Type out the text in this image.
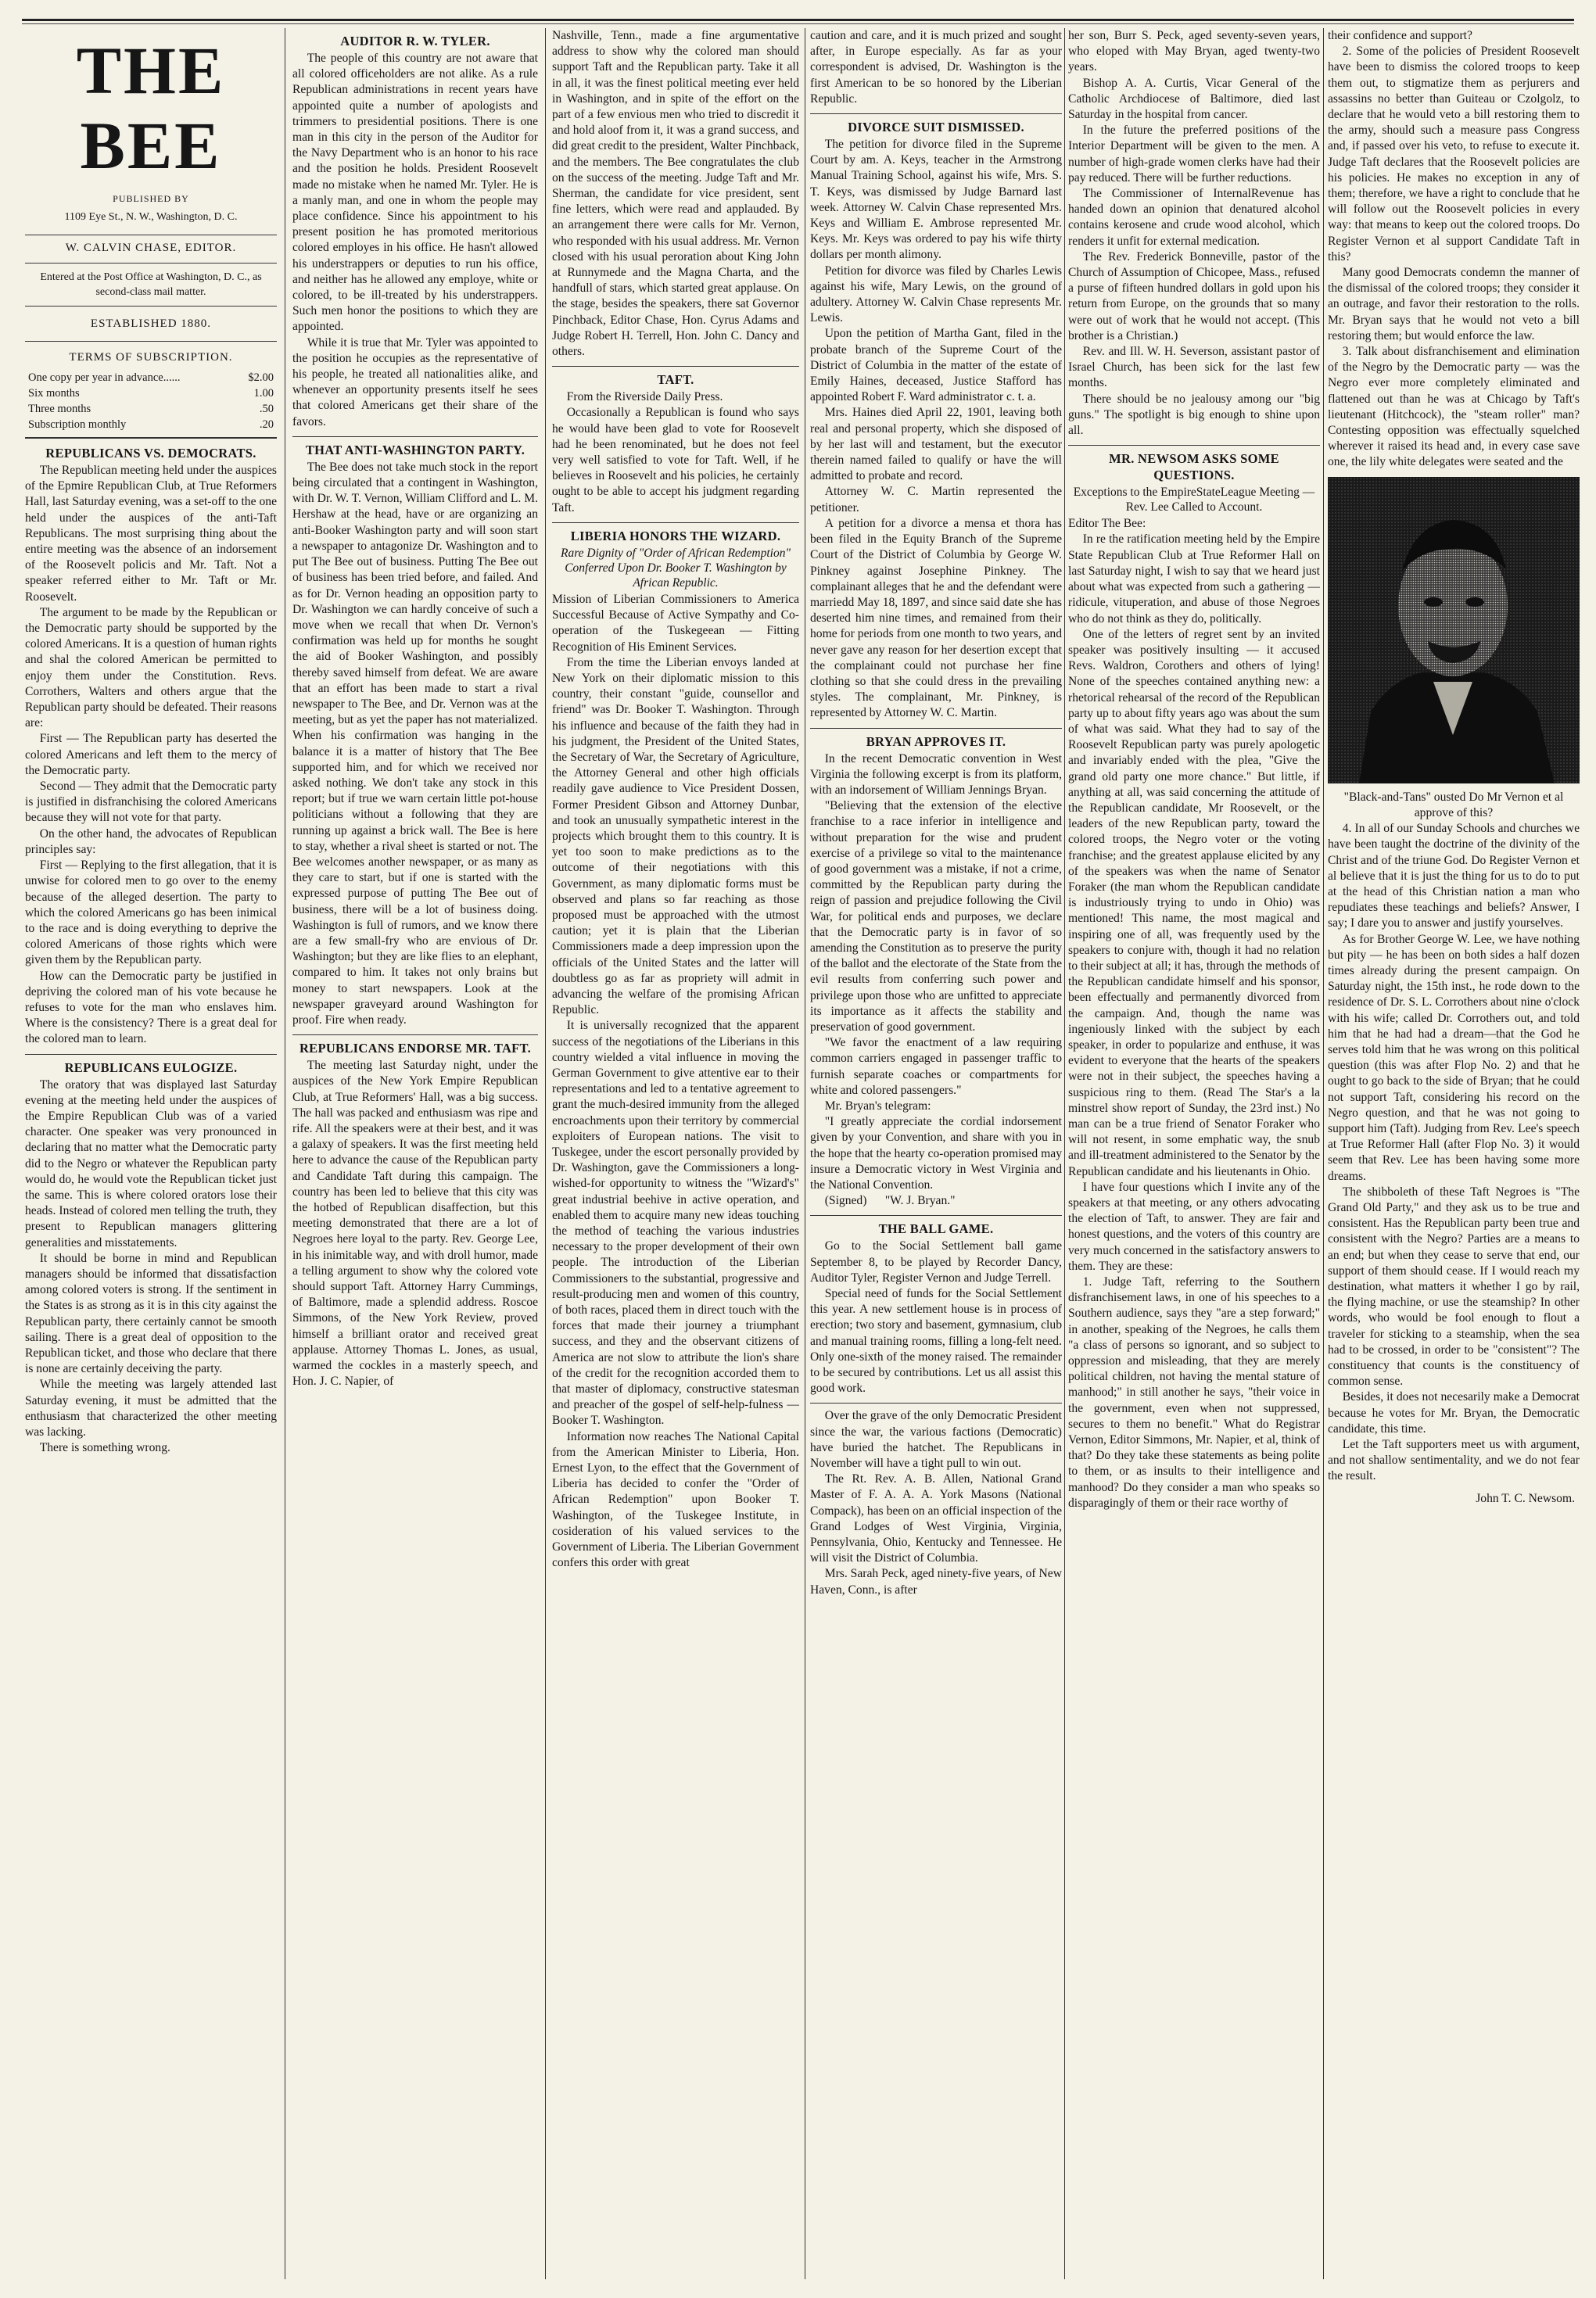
THE BEE
PUBLISHED BY
1109 Eye St., N. W., Washington, D. C.
W. CALVIN CHASE, EDITOR.
Entered at the Post Office at Washington, D. C., as second-class mail matter.
ESTABLISHED 1880.
TERMS OF SUBSCRIPTION.
One copy per year in advance......	$2.00
Six months	1.00
Three months	.50
Subscription monthly	.20
REPUBLICANS VS. DEMOCRATS.

The Republican meeting held under the auspices of the Epmire Republican Club, at True Reformers Hall, last Saturday evening, was a set-off to the one held under the auspices of the anti-Taft Republicans. The most surprising thing about the entire meeting was the absence of an indorsement of the Roosevelt policis and Mr. Taft. Not a speaker referred either to Mr. Taft or Mr. Roosevelt.

The argument to be made by the Republican or the Democratic party should be supported by the colored Americans. It is a question of human rights and shal the colored American be permitted to enjoy them under the Constitution. Revs. Corrothers, Walters and others argue that the Republican party should be defeated. Their reasons are:

First — The Republican party has deserted the colored Americans and left them to the mercy of the Democratic party.

Second — They admit that the Democratic party is justified in disfranchising the colored Americans because they will not vote for that party.

On the other hand, the advocates of Republican principles say:

First — Replying to the first allegation, that it is unwise for colored men to go over to the enemy because of the alleged desertion. The party to which the colored Americans go has been inimical to the race and is doing everything to deprive the colored Americans of those rights which were given them by the Republican party.

How can the Democratic party be justified in depriving the colored man of his vote because he refuses to vote for the man who enslaves him. Where is the consistency? There is a great deal for the colored man to learn.

REPUBLICANS EULOGIZE.

The oratory that was displayed last Saturday evening at the meeting held under the auspices of the Empire Republican Club was of a varied character. One speaker was very pronounced in declaring that no matter what the Democratic party did to the Negro or whatever the Republican party would do, he would vote the Republican ticket just the same. This is where colored orators lose their heads. Instead of colored men telling the truth, they present to Republican managers glittering generalities and misstatements.

It should be borne in mind and Republican managers should be informed that dissatisfaction among colored voters is strong. If the sentiment in the States is as strong as it is in this city against the Republican party, there certainly cannot be smooth sailing. There is a great deal of opposition to the Republican ticket, and those who declare that there is none are certainly deceiving the party.

While the meeting was largely attended last Saturday evening, it must be admitted that the enthusiasm that characterized the other meeting was lacking.

There is something wrong.

AUDITOR R. W. TYLER.

The people of this country are not aware that all colored officeholders are not alike. As a rule Republican administrations in recent years have appointed quite a number of apologists and trimmers to presidential positions. There is one man in this city in the person of the Auditor for the Navy Department who is an honor to his race and the position he holds. President Roosevelt made no mistake when he named Mr. Tyler. He is a manly man, and one in whom the people may place confidence. Since his appointment to his present position he has promoted meritorious colored employes in his office. He hasn't allowed his understrappers or deputies to run his office, and neither has he allowed any employe, white or colored, to be ill-treated by his understrappers. Such men honor the positions to which they are appointed.

While it is true that Mr. Tyler was appointed to the position he occupies as the representative of his people, he treated all nationalities alike, and whenever an opportunity presents itself he sees that colored Americans get their share of the favors.

THAT ANTI-WASHINGTON PARTY.

The Bee does not take much stock in the report being circulated that a contingent in Washington, with Dr. W. T. Vernon, William Clifford and L. M. Hershaw at the head, have or are organizing an anti-Booker Washington party and will soon start a newspaper to antagonize Dr. Washington and to put The Bee out of business. Putting The Bee out of business has been tried before, and failed. And as for Dr. Vernon heading an opposition party to Dr. Washington we can hardly conceive of such a move when we recall that when Dr. Vernon's confirmation was held up for months he sought the aid of Booker Washington, and possibly thereby saved himself from defeat. We are aware that an effort has been made to start a rival newspaper to The Bee, and Dr. Vernon was at the meeting, but as yet the paper has not materialized. When his confirmation was hanging in the balance it is a matter of history that The Bee supported him, and for which we received nor asked nothing. We don't take any stock in this report; but if true we warn certain little pot-house politicians without a following that they are running up against a brick wall. The Bee is here to stay, whether a rival sheet is started or not. The Bee welcomes another newspaper, or as many as they care to start, but if one is started with the expressed purpose of putting The Bee out of business, there will be a lot of business doing. Washington is full of rumors, and we know there are a few small-fry who are envious of Dr. Washington; but they are like flies to an elephant, compared to him. It takes not only brains but money to start newspapers. Look at the newspaper graveyard around Washington for proof. Fire when ready.

REPUBLICANS ENDORSE MR. TAFT.

The meeting last Saturday night, under the auspices of the New York Empire Republican Club, at True Reformers' Hall, was a big success. The hall was packed and enthusiasm was ripe and rife. All the speakers were at their best, and it was a galaxy of speakers. It was the first meeting held here to advance the cause of the Republican party and Candidate Taft during this campaign. The country has been led to believe that this city was the hotbed of Republican disaffection, but this meeting demonstrated that there are a lot of Negroes here loyal to the party. Rev. George Lee, in his inimitable way, and with droll humor, made a telling argument to show why the colored vote should support Taft. Attorney Harry Cummings, of Baltimore, made a splendid address. Roscoe Simmons, of the New York Review, proved himself a brilliant orator and received great applause. Attorney Thomas L. Jones, as usual, warmed the cockles in a masterly speech, and Hon. J. C. Napier, of

Nashville, Tenn., made a fine argumentative address to show why the colored man should support Taft and the Republican party. Take it all in all, it was the finest political meeting ever held in Washington, and in spite of the effort on the part of a few envious men who tried to discredit it and hold aloof from it, it was a grand success, and did great credit to the president, Walter Pinchback, and the members. The Bee congratulates the club on the success of the meeting. Judge Taft and Mr. Sherman, the candidate for vice president, sent fine letters, which were read and applauded. By an arrangement there were calls for Mr. Vernon, who responded with his usual address. Mr. Vernon closed with his usual peroration about King John at Runnymede and the Magna Charta, and the handfull of stars, which started great applause. On the stage, besides the speakers, there sat Governor Pinchback, Editor Chase, Hon. Cyrus Adams and Judge Robert H. Terrell, Hon. John C. Dancy and others.

TAFT.

From the Riverside Daily Press.

Occasionally a Republican is found who says he would have been glad to vote for Roosevelt had he been renominated, but he does not feel very well satisfied to vote for Taft. Well, if he believes in Roosevelt and his policies, he certainly ought to be able to accept his judgment regarding Taft.

LIBERIA HONORS THE WIZARD.
Rare Dignity of "Order of African Redemption" Conferred Upon Dr. Booker T. Washington by African Republic.

Mission of Liberian Commissioners to America Successful Because of Active Sympathy and Co-operation of the Tuskegeean — Fitting Recognition of His Eminent Services.

From the time the Liberian envoys landed at New York on their diplomatic mission to this country, their constant "guide, counsellor and friend" was Dr. Booker T. Washington. Through his influence and because of the faith they had in his judgment, the President of the United States, the Secretary of War, the Secretary of Agriculture, the Attorney General and other high officials readily gave audience to Vice President Dossen, Former President Gibson and Attorney Dunbar, and took an unusually sympathetic interest in the projects which brought them to this country. It is yet too soon to make predictions as to the outcome of their negotiations with this Government, as many diplomatic forms must be observed and plans so far reaching as those proposed must be approached with the utmost caution; yet it is plain that the Liberian Commissioners made a deep impression upon the officials of the United States and the latter will doubtless go as far as propriety will admit in advancing the welfare of the promising African Republic.

It is universally recognized that the apparent success of the negotiations of the Liberians in this country wielded a vital influence in moving the German Government to give attentive ear to their representations and led to a tentative agreement to grant the much-desired immunity from the alleged encroachments upon their territory by commercial exploiters of European nations. The visit to Tuskegee, under the escort personally provided by Dr. Washington, gave the Commissioners a long-wished-for opportunity to witness the "Wizard's" great industrial beehive in active operation, and enabled them to acquire many new ideas touching the method of teaching the various industries necessary to the proper development of their own people. The introduction of the Liberian Commissioners to the substantial, progressive and result-producing men and women of this country, of both races, placed them in direct touch with the forces that made their journey a triumphant success, and they and the observant citizens of America are not slow to attribute the lion's share of the credit for the recognition accorded them to that master of diplomacy, constructive statesman and preacher of the gospel of self-help-fulness — Booker T. Washington.

Information now reaches The National Capital from the American Minister to Liberia, Hon. Ernest Lyon, to the effect that the Government of Liberia has decided to confer the "Order of African Redemption" upon Booker T. Washington, of the Tuskegee Institute, in cosideration of his valued services to the Government of Liberia. The Liberian Government confers this order with great

caution and care, and it is much prized and sought after, in Europe especially. As far as your correspondent is advised, Dr. Washington is the first American to be so honored by the Liberian Republic.

DIVORCE SUIT DISMISSED.

The petition for divorce filed in the Supreme Court by am. A. Keys, teacher in the Armstrong Manual Training School, against his wife, Mrs. S. T. Keys, was dismissed by Judge Barnard last week. Attorney W. Calvin Chase represented Mrs. Keys and William E. Ambrose represented Mr. Keys. Mr. Keys was ordered to pay his wife thirty dollars per month alimony.

Petition for divorce was filed by Charles Lewis against his wife, Mary Lewis, on the ground of adultery. Attorney W. Calvin Chase represents Mr. Lewis.

Upon the petition of Martha Gant, filed in the probate branch of the Supreme Court of the District of Columbia in the matter of the estate of Emily Haines, deceased, Justice Stafford has appointed Robert F. Ward administrator c. t. a.

Mrs. Haines died April 22, 1901, leaving both real and personal property, which she disposed of by her last will and testament, but the executor therein named failed to qualify or have the will admitted to probate and record.

Attorney W. C. Martin represented the petitioner.

A petition for a divorce a mensa et thora has been filed in the Equity Branch of the Supreme Court of the District of Columbia by George W. Pinkney against Josephine Pinkney. The complainant alleges that he and the defendant were marriedd May 18, 1897, and since said date she has deserted him nine times, and remained from their home for periods from one month to two years, and never gave any reason for her desertion except that the complainant could not purchase her fine clothing so that she could dress in the prevailing styles. The complainant, Mr. Pinkney, is represented by Attorney W. C. Martin.

BRYAN APPROVES IT.

In the recent Democratic convention in West Virginia the following excerpt is from its platform, with an indorsement of William Jennings Bryan.

"Believing that the extension of the elective franchise to a race inferior in intelligence and without preparation for the wise and prudent exercise of a privilege so vital to the maintenance of good government was a mistake, if not a crime, committed by the Republican party during the reign of passion and prejudice following the Civil War, for political ends and purposes, we declare that the Democratic party is in favor of so amending the Constitution as to preserve the purity of the ballot and the electorate of the State from the evil results from conferring such power and privilege upon those who are unfitted to appreciate its importance as it affects the stability and preservation of good government.

"We favor the enactment of a law requiring common carriers engaged in passenger traffic to furnish separate coaches or compartments for white and colored passengers."

Mr. Bryan's telegram:

"I greatly appreciate the cordial indorsement given by your Convention, and share with you in the hope that the hearty co-operation promised may insure a Democratic victory in West Virginia and the National Convention.

(Signed) "W. J. Bryan."

THE BALL GAME.

Go to the Social Settlement ball game September 8, to be played by Recorder Dancy, Auditor Tyler, Register Vernon and Judge Terrell.

Special need of funds for the Social Settlement this year. A new settlement house is in process of erection; two story and basement, gymnasium, club and manual training rooms, filling a long-felt need. Only one-sixth of the money raised. The remainder to be secured by contributions. Let us all assist this good work.

Over the grave of the only Democratic President since the war, the various factions (Democratic) have buried the hatchet. The Republicans in November will have a tight pull to win out.

The Rt. Rev. A. B. Allen, National Grand Master of F. A. A. A. York Masons (National Compack), has been on an official inspection of the Grand Lodges of West Virginia, Virginia, Pennsylvania, Ohio, Kentucky and Tennessee. He will visit the District of Columbia.

Mrs. Sarah Peck, aged ninety-five years, of New Haven, Conn., is after

her son, Burr S. Peck, aged seventy-seven years, who eloped with May Bryan, aged twenty-two years.

Bishop A. A. Curtis, Vicar General of the Catholic Archdiocese of Baltimore, died last Saturday in the hospital from cancer.

In the future the preferred positions of the Interior Department will be given to the men. A number of high-grade women clerks have had their pay reduced. There will be further reductions.

The Commissioner of InternalRevenue has handed down an opinion that denatured alcohol contains kerosene and crude wood alcohol, which renders it unfit for external medication.

The Rev. Frederick Bonneville, pastor of the Church of Assumption of Chicopee, Mass., refused a purse of fifteen hundred dollars in gold upon his return from Europe, on the grounds that so many were out of work that he would not accept. (This brother is a Christian.)

Rev. and Ill. W. H. Severson, assistant pastor of Israel Church, has been sick for the last few months.

There should be no jealousy among our "big guns." The spotlight is big enough to shine upon all.

MR. NEWSOM ASKS SOME QUESTIONS.
Exceptions to the EmpireStateLeague Meeting — Rev. Lee Called to Account.

Editor The Bee:

In re the ratification meeting held by the Empire State Republican Club at True Reformer Hall on last Saturday night, I wish to say that we heard just about what was expected from such a gathering — ridicule, vituperation, and abuse of those Negroes who do not think as they do, politically.

One of the letters of regret sent by an invited speaker was positively insulting — it accused Revs. Waldron, Corothers and others of lying! None of the speeches contained anything new: a rhetorical rehearsal of the record of the Republican party up to about fifty years ago was about the sum of what was said. What they had to say of the Roosevelt Republican party was purely apologetic and invariably ended with the plea, "Give the grand old party one more chance." But little, if anything at all, was said concerning the attitude of the Republican candidate, Mr Roosevelt, or the leaders of the new Republican party, toward the colored troops, the Negro voter or the voting franchise; and the greatest applause elicited by any of the speakers was when the name of Senator Foraker (the man whom the Republican candidate is industriously trying to undo in Ohio) was mentioned! This name, the most magical and inspiring one of all, was frequently used by the speakers to conjure with, though it had no relation to their subject at all; it has, through the methods of the Republican candidate himself and his sponsor, been effectually and permanently divorced from the campaign. And, though the name was ingeniously linked with the subject by each speaker, in order to popularize and enthuse, it was evident to everyone that the hearts of the speakers were not in their subject, the speeches having a suspicious ring to them. (Read The Star's a la minstrel show report of Sunday, the 23rd inst.) No man can be a true friend of Senator Foraker who will not resent, in some emphatic way, the snub and ill-treatment administered to the Senator by the Republican candidate and his lieutenants in Ohio.

I have four questions which I invite any of the speakers at that meeting, or any others advocating the election of Taft, to answer. They are fair and honest questions, and the voters of this country are very much concerned in the satisfactory answers to them. They are these:

1. Judge Taft, referring to the Southern disfranchisement laws, in one of his speeches to a Southern audience, says they "are a step forward;" in another, speaking of the Negroes, he calls them "a class of persons so ignorant, and so subject to oppression and misleading, that they are merely political children, not having the mental stature of manhood;" in still another he says, "their voice in the government, even when not suppressed, secures to them no benefit." What do Registrar Vernon, Editor Simmons, Mr. Napier, et al, think of that? Do they take these statements as being polite to them, or as insults to their intelligence and manhood? Do they consider a man who speaks so disparagingly of them or their race worthy of

their confidence and support?

2. Some of the policies of President Roosevelt have been to dismiss the colored troops to keep them out, to stigmatize them as perjurers and assassins no better than Guiteau or Czolgolz, to declare that he would veto a bill restoring them to the army, should such a measure pass Congress and, if passed over his veto, to refuse to execute it. Judge Taft declares that the Roosevelt policies are his policies. He makes no exception in any of them; therefore, we have a right to conclude that he will follow out the Roosevelt policies in every way: that means to keep out the colored troops. Do Register Vernon et al support Candidate Taft in this?

Many good Democrats condemn the manner of the dismissal of the colored troops; they consider it an outrage, and favor their restoration to the rolls. Mr. Bryan says that he would not veto a bill restoring them; but would enforce the law.

3. Talk about disfranchisement and elimination of the Negro by the Democratic party — was the Negro ever more completely eliminated and flattened out than he was at Chicago by Taft's lieutenant (Hitchcock), the "steam roller" man? Contesting opposition was effectually squelched wherever it raised its head and, in every case save one, the lily white delegates were seated and the

"Black-and-Tans" ousted Do Mr Vernon et al approve of this?

4. In all of our Sunday Schools and churches we have been taught the doctrine of the divinity of the Christ and of the triune God. Do Register Vernon et al believe that it is just the thing for us to do to put at the head of this Christian nation a man who repudiates these teachings and beliefs? Answer, I say; I dare you to answer and justify yourselves.

As for Brother George W. Lee, we have nothing but pity — he has been on both sides a half dozen times already during the present campaign. On Saturday night, the 15th inst., he rode down to the residence of Dr. S. L. Corrothers about nine o'clock with his wife; called Dr. Corrothers out, and told him that he had had a dream—that the God he serves told him that he was wrong on this political question (this was after Flop No. 2) and that he ought to go back to the side of Bryan; that he could not support Taft, considering his record on the Negro question, and that he was not going to support him (Taft). Judging from Rev. Lee's speech at True Reformer Hall (after Flop No. 3) it would seem that Rev. Lee has been having some more dreams.

The shibboleth of these Taft Negroes is "The Grand Old Party," and they ask us to be true and consistent. Has the Republican party been true and consistent with the Negro? Parties are a means to an end; but when they cease to serve that end, our support of them should cease. If I would reach my destination, what matters it whether I go by rail, the flying machine, or use the steamship? In other words, who would be fool enough to flout a traveler for sticking to a steamship, when the sea had to be crossed, in order to be "consistent"? The constituency that counts is the constituency of common sense.

Besides, it does not necesarily make a Democrat because he votes for Mr. Bryan, the Democratic candidate, this time.

Let the Taft supporters meet us with argument, and not shallow sentimentality, and we do not fear the result.

John T. C. Newsom.
